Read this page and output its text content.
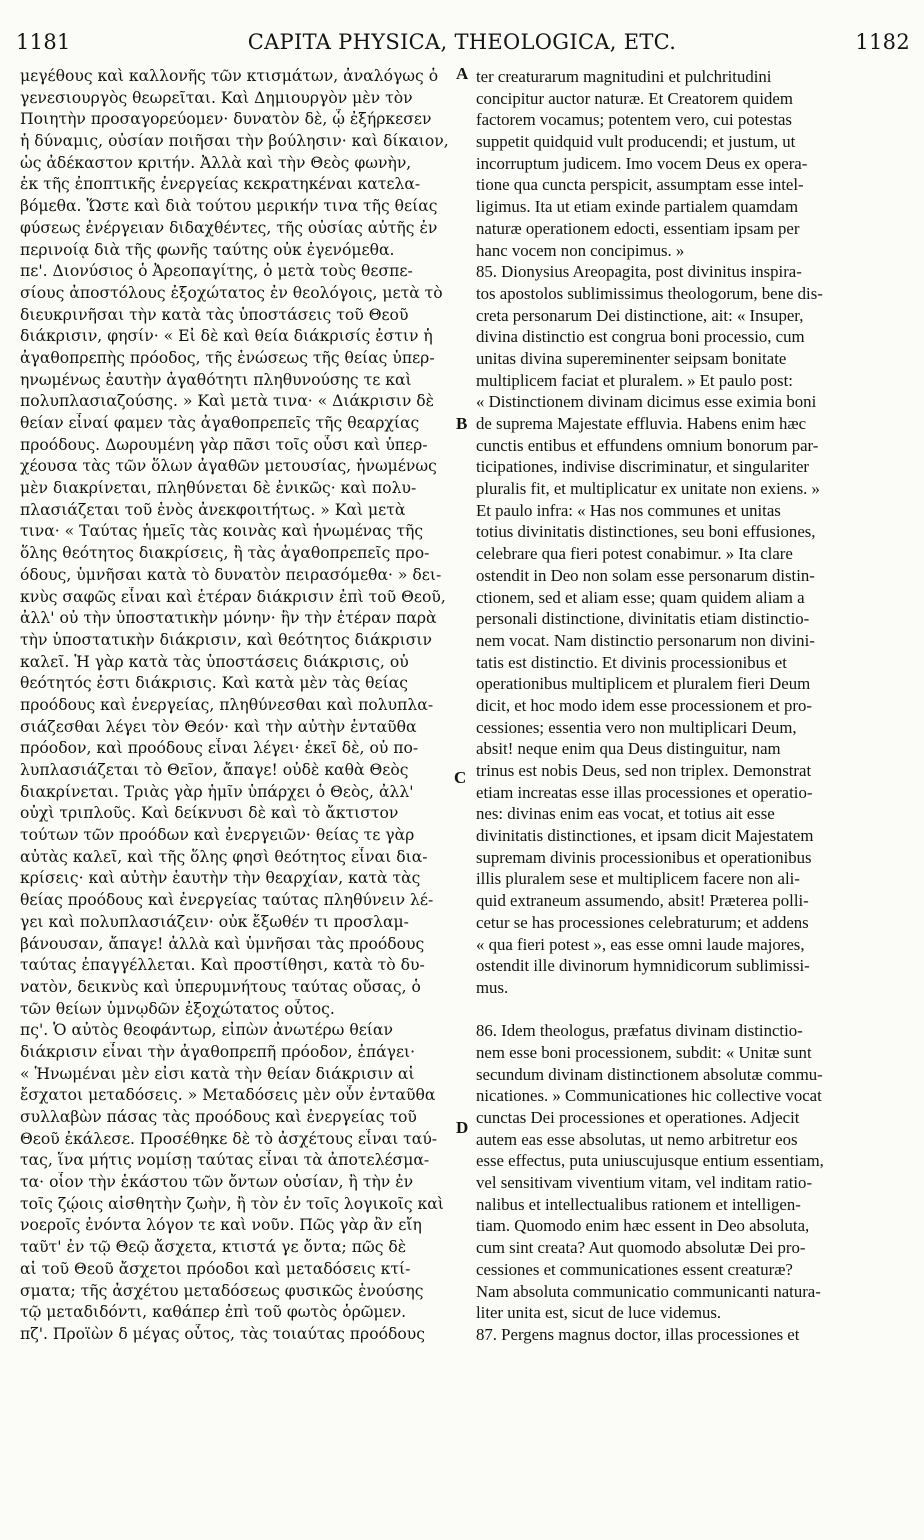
1181	CAPITA PHYSICA, THEOLOGICA, ETC.	1182
μεγέθους καὶ καλλονῆς τῶν κτισμάτων, ἀναλόγως ὁ
γενεσιουργὸς θεωρεῖται. Καὶ Δημιουργὸν μὲν τὸν
Ποιητὴν προσαγορεύομεν· δυνατὸν δὲ, ᾧ ἐξήρκεσεν
ἡ δύναμις, οὐσίαν ποιῆσαι τὴν βούλησιν· καὶ δίκαιον,
ὡς ἀδέκαστον κριτήν. Ἀλλὰ καὶ τὴν Θεὸς φωνὴν,
ἐκ τῆς ἐποπτικῆς ἐνεργείας κεκρατηκέναι κατελα-
βόμεθα. Ὥστε καὶ διὰ τούτου μερικήν τινα τῆς θείας
φύσεως ἐνέργειαν διδαχθέντες, τῆς οὐσίας αὐτῆς ἐν
περινοίᾳ διὰ τῆς φωνῆς ταύτης οὐκ ἐγενόμεθα.
πε'. Διονύσιος ὁ Ἀρεοπαγίτης, ὁ μετὰ τοὺς θεσπε-
σίους ἀποστόλους ἐξοχώτατος ἐν θεολόγοις, μετὰ τὸ
διευκρινῆσαι τὴν κατὰ τὰς ὑποστάσεις τοῦ Θεοῦ
διάκρισιν, φησίν· « Εἰ δὲ καὶ θεία διάκρισίς ἐστιν ἡ
ἀγαθοπρεπὴς πρόοδος, τῆς ἑνώσεως τῆς θείας ὑπερ-
ηνωμένως ἑαυτὴν ἀγαθότητι πληθυνούσης τε καὶ
πολυπλασιαζούσης. » Καὶ μετὰ τινα· « Διάκρισιν δὲ
θείαν εἶναί φαμεν τὰς ἀγαθοπρεπεῖς τῆς θεαρχίας
προόδους. Δωρουμένη γὰρ πᾶσι τοῖς οὖσι καὶ ὑπερ-
χέουσα τὰς τῶν ὅλων ἀγαθῶν μετουσίας, ἡνωμένως
μὲν διακρίνεται, πληθύνεται δὲ ἑνικῶς· καὶ πολυ-
πλασιάζεται τοῦ ἑνὸς ἀνεκφοιτήτως. » Καὶ μετὰ
τινα· « Ταύτας ἡμεῖς τὰς κοινὰς καὶ ἡνωμένας τῆς
ὅλης θεότητος διακρίσεις, ἢ τὰς ἀγαθοπρεπεῖς προ-
όδους, ὑμνῆσαι κατὰ τὸ δυνατὸν πειρασόμεθα· » δει-
κνὺς σαφῶς εἶναι καὶ ἑτέραν διάκρισιν ἐπὶ τοῦ Θεοῦ,
ἀλλ' οὐ τὴν ὑποστατικὴν μόνην· ἣν τὴν ἑτέραν παρὰ
τὴν ὑποστατικὴν διάκρισιν, καὶ θεότητος διάκρισιν
καλεῖ. Ἡ γὰρ κατὰ τὰς ὑποστάσεις διάκρισις, οὐ
θεότητός ἐστι διάκρισις. Καὶ κατὰ μὲν τὰς θείας
προόδους καὶ ἐνεργείας, πληθύνεσθαι καὶ πολυπλα-
σιάζεσθαι λέγει τὸν Θεόν· καὶ τὴν αὐτὴν ἐνταῦθα
πρόοδον, καὶ προόδους εἶναι λέγει· ἐκεῖ δὲ, οὐ πο-
λυπλασιάζεται τὸ Θεῖον, ἄπαγε! οὐδὲ καθὰ Θεὸς
διακρίνεται. Τριὰς γὰρ ἡμῖν ὑπάρχει ὁ Θεὸς, ἀλλ'
οὐχὶ τριπλοῦς. Καὶ δείκνυσι δὲ καὶ τὸ ἄκτιστον
τούτων τῶν προόδων καὶ ἐνεργειῶν· θείας τε γὰρ
αὐτὰς καλεῖ, καὶ τῆς ὅλης φησὶ θεότητος εἶναι δια-
κρίσεις· καὶ αὐτὴν ἑαυτὴν τὴν θεαρχίαν, κατὰ τὰς
θείας προόδους καὶ ἐνεργείας ταύτας πληθύνειν λέ-
γει καὶ πολυπλασιάζειν· οὐκ ἔξωθέν τι προσλαμ-
βάνουσαν, ἄπαγε! ἀλλὰ καὶ ὑμνῆσαι τὰς προόδους
ταύτας ἐπαγγέλλεται. Καὶ προστίθησι, κατὰ τὸ δυ-
νατὸν, δεικνὺς καὶ ὑπερυμνήτους ταύτας οὔσας, ὁ
τῶν θείων ὑμνῳδῶν ἐξοχώτατος οὗτος.
πς'. Ὁ αὐτὸς θεοφάντωρ, εἰπὼν ἀνωτέρω θείαν
διάκρισιν εἶναι τὴν ἀγαθοπρεπῆ πρόοδον, ἐπάγει·
« Ἡνωμέναι μὲν εἰσι κατὰ τὴν θείαν διάκρισιν αἱ
ἔσχατοι μεταδόσεις. » Μεταδόσεις μὲν οὖν ἐνταῦθα
συλλαβὼν πάσας τὰς προόδους καὶ ἐνεργείας τοῦ
Θεοῦ ἐκάλεσε. Προσέθηκε δὲ τὸ ἀσχέτους εἶναι ταύ-
τας, ἵνα μήτις νομίσῃ ταύτας εἶναι τὰ ἀποτελέσμα-
τα· οἷον τὴν ἑκάστου τῶν ὄντων οὐσίαν, ἢ τὴν ἐν
τοῖς ζῴοις αἰσθητὴν ζωὴν, ἢ τὸν ἐν τοῖς λογικοῖς καὶ
νοεροῖς ἐνόντα λόγον τε καὶ νοῦν. Πῶς γὰρ ἂν εἴη
ταῦτ' ἐν τῷ Θεῷ ἄσχετα, κτιστά γε ὄντα; πῶς δὲ
αἱ τοῦ Θεοῦ ἄσχετοι πρόοδοι καὶ μεταδόσεις κτί-
σματα; τῆς ἀσχέτου μεταδόσεως φυσικῶς ἑνούσης
τῷ μεταδιδόντι, καθάπερ ἐπὶ τοῦ φωτὸς ὁρῶμεν.
πζ'. Προϊὼν δ μέγας οὗτος, τὰς τοιαύτας προόδους
ter creaturarum magnitudini et pulchritudini
concipitur auctor naturæ. Et Creatorem quidem
factorem vocamus; potentem vero, cui potestas
suppetit quidquid vult producendi; et justum, ut
incorruptum judicem. Imo vocem Deus ex opera-
tione qua cuncta perspicit, assumptam esse intel-
ligimus. Ita ut etiam exinde partialem quamdam
naturæ operationem edocti, essentiam ipsam per
hanc vocem non concipimus. »
85. Dionysius Areopagita, post divinitus inspira-
tos apostolos sublimissimus theologorum, bene dis-
creta personarum Dei distinctione, ait: « Insuper,
divina distinctio est congrua boni processio, cum
unitas divina supereminenter seipsam bonitate
multiplicem faciat et pluralem. » Et paulo post:
« Distinctionem divinam dicimus esse eximia boni
de suprema Majestate effluvia. Habens enim hæc
cunctis entibus et effundens omnium bonorum par-
ticipationes, indivise discriminatur, et singulariter
pluralis fit, et multiplicatur ex unitate non exiens. »
Et paulo infra: « Has nos communes et unitas
totius divinitatis distinctiones, seu boni effusiones,
celebrare qua fieri potest conabimur. » Ita clare
ostendit in Deo non solam esse personarum distin-
ctionem, sed et aliam esse; quam quidem aliam a
personali distinctione, divinitatis etiam distinctio-
nem vocat. Nam distinctio personarum non divini-
tatis est distinctio. Et divinis processionibus et
operationibus multiplicem et pluralem fieri Deum
dicit, et hoc modo idem esse processionem et pro-
cessiones; essentia vero non multiplicari Deum,
absit! neque enim qua Deus distinguitur, nam
trinus est nobis Deus, sed non triplex. Demonstrat
etiam increatas esse illas processiones et operatio-
nes: divinas enim eas vocat, et totius ait esse
divinitatis distinctiones, et ipsam dicit Majestatem
supremam divinis processionibus et operationibus
illis pluralem sese et multiplicem facere non ali-
quid extraneum assumendo, absit! Præterea polli-
cetur se has processiones celebraturum; et addens
« qua fieri potest », eas esse omni laude majores,
ostendit ille divinorum hymnidicorum sublimissi-
mus.
86. Idem theologus, præfatus divinam distinctio-
nem esse boni processionem, subdit: « Unitæ sunt
secundum divinam distinctionem absolutæ commu-
nicationes. » Communicationes hic collective vocat
cunctas Dei processiones et operationes. Adjecit
autem eas esse absolutas, ut nemo arbitretur eos
esse effectus, puta uniuscujusque entium essentiam,
vel sensitivam viventium vitam, vel inditam ratio-
nalibus et intellectualibus rationem et intelligen-
tiam. Quomodo enim hæc essent in Deo absoluta,
cum sint creata? Aut quomodo absolutæ Dei pro-
cessiones et communicationes essent creaturæ?
Nam absoluta communicatio communicanti natura-
liter unita est, sicut de luce videmus.
87. Pergens magnus doctor, illas processiones et
A
B
C
D
